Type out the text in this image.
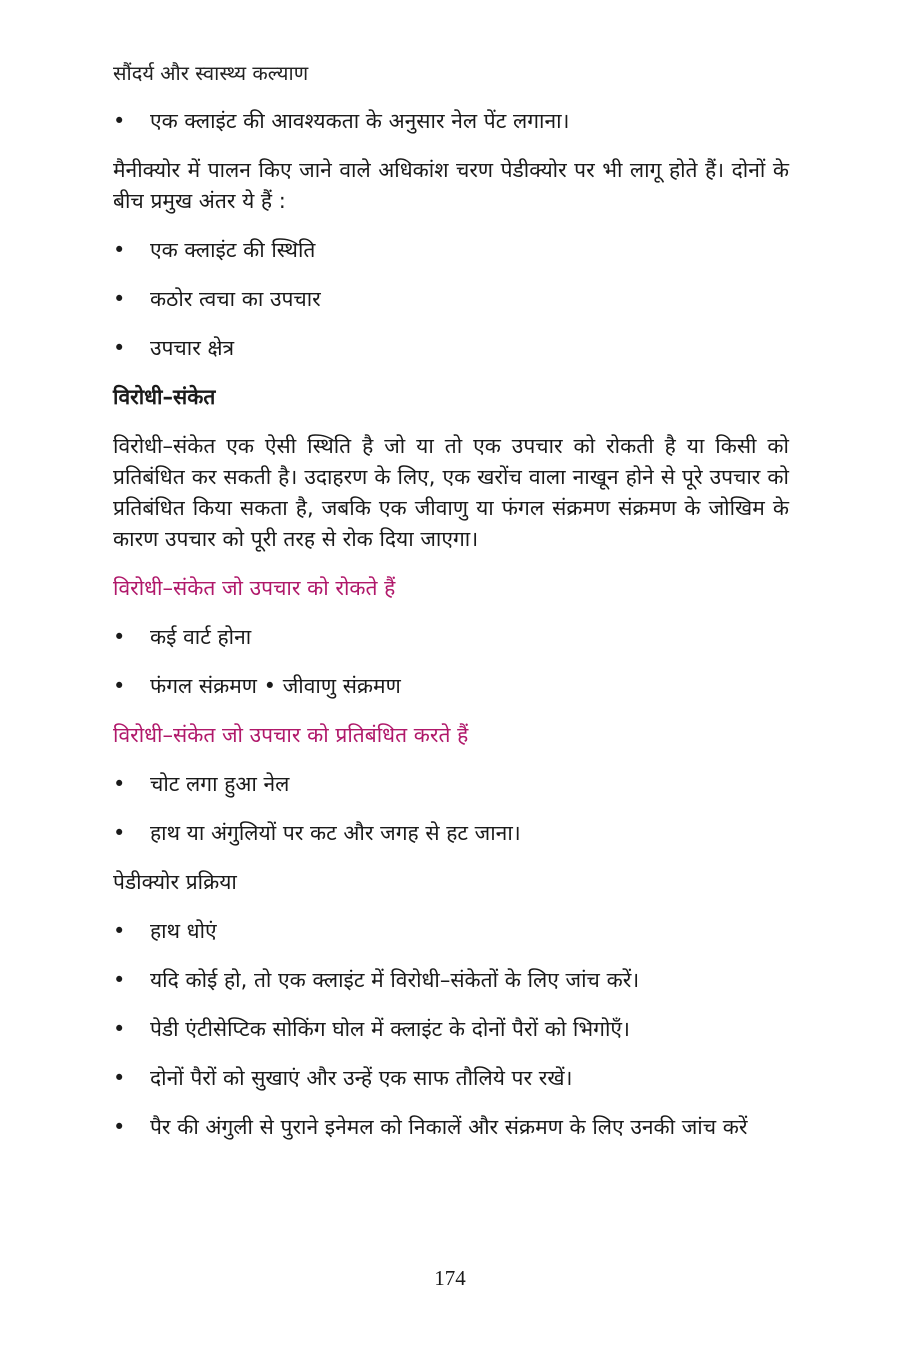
सौंदर्य और स्वास्थ्य कल्याण
• एक क्लाइंट की आवश्यकता के अनुसार नेल पेंट लगाना।

मैनीक्योर में पालन किए जाने वाले अधिकांश चरण पेडीक्योर पर भी लागू होते हैं। दोनों के बीच प्रमुख अंतर ये हैं :

• एक क्लाइंट की स्थिति
• कठोर त्वचा का उपचार
• उपचार क्षेत्र
विरोधी–संकेत

विरोधी–संकेत एक ऐसी स्थिति है जो या तो एक उपचार को रोकती है या किसी को प्रतिबंधित कर सकती है। उदाहरण के लिए, एक खरोंच वाला नाखून होने से पूरे उपचार को प्रतिबंधित किया सकता है, जबकि एक जीवाणु या फंगल संक्रमण संक्रमण के जोखिम के कारण उपचार को पूरी तरह से रोक दिया जाएगा।

विरोधी–संकेत जो उपचार को रोकते हैं
• कई वार्ट होना
• फंगल संक्रमण • जीवाणु संक्रमण
विरोधी–संकेत जो उपचार को प्रतिबंधित करते हैं
• चोट लगा हुआ नेल
• हाथ या अंगुलियों पर कट और जगह से हट जाना।
पेडीक्योर प्रक्रिया
• हाथ धोएं
• यदि कोई हो, तो एक क्लाइंट में विरोधी–संकेतों के लिए जांच करें।
• पेडी एंटीसेप्टिक सोकिंग घोल में क्लाइंट के दोनों पैरों को भिगोएँ।
• दोनों पैरों को सुखाएं और उन्हें एक साफ तौलिये पर रखें।
• पैर की अंगुली से पुराने इनेमल को निकालें और संक्रमण के लिए उनकी जांच करें
174
